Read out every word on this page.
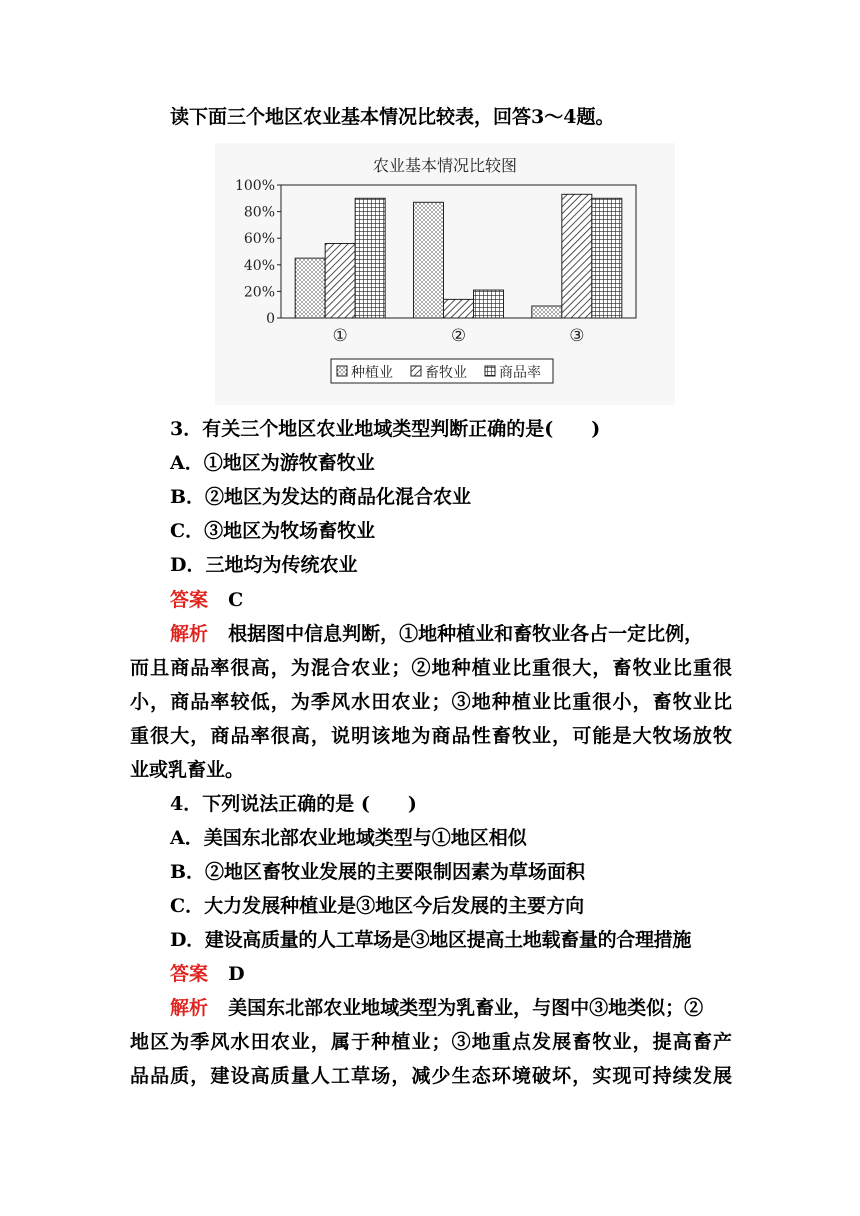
读下面三个地区农业基本情况比较表，回答3～4题。
农业基本情况比较图
100%
80%
60%
40%
20%
0
①	②	③
种植业 畜牧业 商品率
3．有关三个地区农业地域类型判断正确的是(　　)
A．①地区为游牧畜牧业
B．②地区为发达的商品化混合农业
C．③地区为牧场畜牧业
D．三地均为传统农业
答案 C
解析 根据图中信息判断，①地种植业和畜牧业各占一定比例，
而且商品率很高，为混合农业；②地种植业比重很大，畜牧业比重很
小，商品率较低，为季风水田农业；③地种植业比重很小，畜牧业比
重很大，商品率很高，说明该地为商品性畜牧业，可能是大牧场放牧
业或乳畜业。
4．下列说法正确的是 (　　)
A．美国东北部农业地域类型与①地区相似
B．②地区畜牧业发展的主要限制因素为草场面积
C．大力发展种植业是③地区今后发展的主要方向
D．建设高质量的人工草场是③地区提高土地载畜量的合理措施
答案 D
解析 美国东北部农业地域类型为乳畜业，与图中③地类似；②
地区为季风水田农业，属于种植业；③地重点发展畜牧业，提高畜产
品品质，建设高质量人工草场，减少生态环境破坏，实现可持续发展
